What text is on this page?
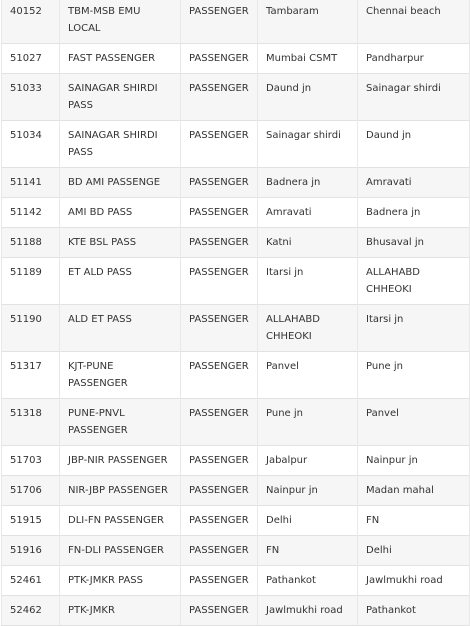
40152	TBM-MSB EMU LOCAL	PASSENGER	Tambaram	Chennai beach
51027	FAST PASSENGER	PASSENGER	Mumbai CSMT	Pandharpur
51033	SAINAGAR SHIRDI PASS	PASSENGER	Daund jn	Sainagar shirdi
51034	SAINAGAR SHIRDI PASS	PASSENGER	Sainagar shirdi	Daund jn
51141	BD AMI PASSENGE	PASSENGER	Badnera jn	Amravati
51142	AMI BD PASS	PASSENGER	Amravati	Badnera jn
51188	KTE BSL PASS	PASSENGER	Katni	Bhusaval jn
51189	ET ALD PASS	PASSENGER	Itarsi jn	ALLAHABD CHHEOKI
51190	ALD ET PASS	PASSENGER	ALLAHABD CHHEOKI	Itarsi jn
51317	KJT-PUNE PASSENGER	PASSENGER	Panvel	Pune jn
51318	PUNE-PNVL PASSENGER	PASSENGER	Pune jn	Panvel
51703	JBP-NIR PASSENGER	PASSENGER	Jabalpur	Nainpur jn
51706	NIR-JBP PASSENGER	PASSENGER	Nainpur jn	Madan mahal
51915	DLI-FN PASSENGER	PASSENGER	Delhi	FN
51916	FN-DLI PASSENGER	PASSENGER	FN	Delhi
52461	PTK-JMKR PASS	PASSENGER	Pathankot	Jawlmukhi road
52462	PTK-JMKR	PASSENGER	Jawlmukhi road	Pathankot
